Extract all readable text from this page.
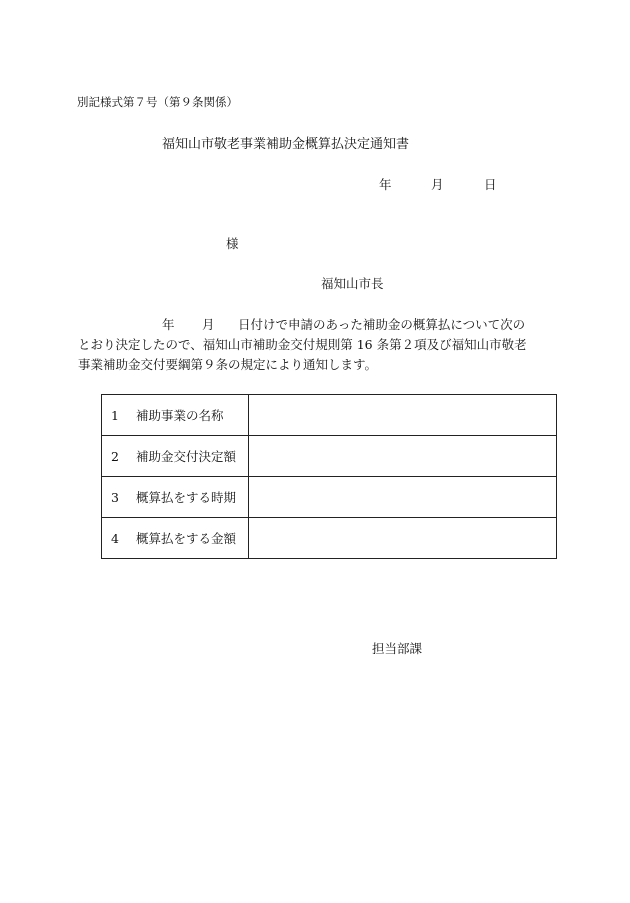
別記様式第７号（第９条関係）
福知山市敬老事業補助金概算払決定通知書
年	月	日
様
福知山市長
年 月 日付けで申請のあった補助金の概算払について次の
とおり決定したので、福知山市補助金交付規則第 16 条第２項及び福知山市敬老
事業補助金交付要綱第９条の規定により通知します。
1 補助事業の名称	
2 補助金交付決定額	
3 概算払をする時期	
4 概算払をする金額	
担当部課
